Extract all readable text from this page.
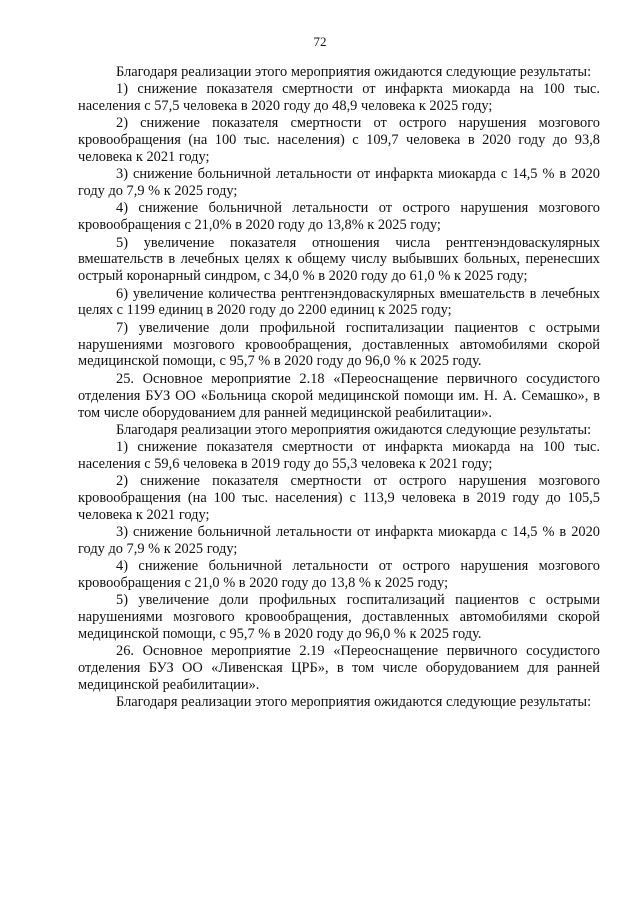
72

Благодаря реализации этого мероприятия ожидаются следующие результаты:

1) снижение показателя смертности от инфаркта миокарда на 100 тыс. населения с 57,5 человека в 2020 году до 48,9 человека к 2025 году;

2) снижение показателя смертности от острого нарушения мозгового кровообращения (на 100 тыс. населения) с 109,7 человека в 2020 году до 93,8 человека к 2021 году;

3) снижение больничной летальности от инфаркта миокарда с 14,5 % в 2020 году до 7,9 % к 2025 году;

4) снижение больничной летальности от острого нарушения мозгового кровообращения с 21,0% в 2020 году до 13,8% к 2025 году;

5) увеличение показателя отношения числа рентгенэндоваскулярных вмешательств в лечебных целях к общему числу выбывших больных, перенесших острый коронарный синдром, с 34,0 % в 2020 году до 61,0 % к 2025 году;

6) увеличение количества рентгенэндоваскулярных вмешательств в лечебных целях с 1199 единиц в 2020 году до 2200 единиц к 2025 году;

7) увеличение доли профильной госпитализации пациентов с острыми нарушениями мозгового кровообращения, доставленных автомобилями скорой медицинской помощи, с 95,7 % в 2020 году до 96,0 % к 2025 году.

25. Основное мероприятие 2.18 «Переоснащение первичного сосудистого отделения БУЗ ОО «Больница скорой медицинской помощи им. Н. А. Семашко», в том числе оборудованием для ранней медицинской реабилитации».

Благодаря реализации этого мероприятия ожидаются следующие результаты:

1) снижение показателя смертности от инфаркта миокарда на 100 тыс. населения с 59,6 человека в 2019 году до 55,3 человека к 2021 году;

2) снижение показателя смертности от острого нарушения мозгового кровообращения (на 100 тыс. населения) с 113,9 человека в 2019 году до 105,5 человека к 2021 году;

3) снижение больничной летальности от инфаркта миокарда с 14,5 % в 2020 году до 7,9 % к 2025 году;

4) снижение больничной летальности от острого нарушения мозгового кровообращения с 21,0 % в 2020 году до 13,8 % к 2025 году;

5) увеличение доли профильных госпитализаций пациентов с острыми нарушениями мозгового кровообращения, доставленных автомобилями скорой медицинской помощи, с 95,7 % в 2020 году до 96,0 % к 2025 году.

26. Основное мероприятие 2.19 «Переоснащение первичного сосудистого отделения БУЗ ОО «Ливенская ЦРБ», в том числе оборудованием для ранней медицинской реабилитации».

Благодаря реализации этого мероприятия ожидаются следующие результаты:
